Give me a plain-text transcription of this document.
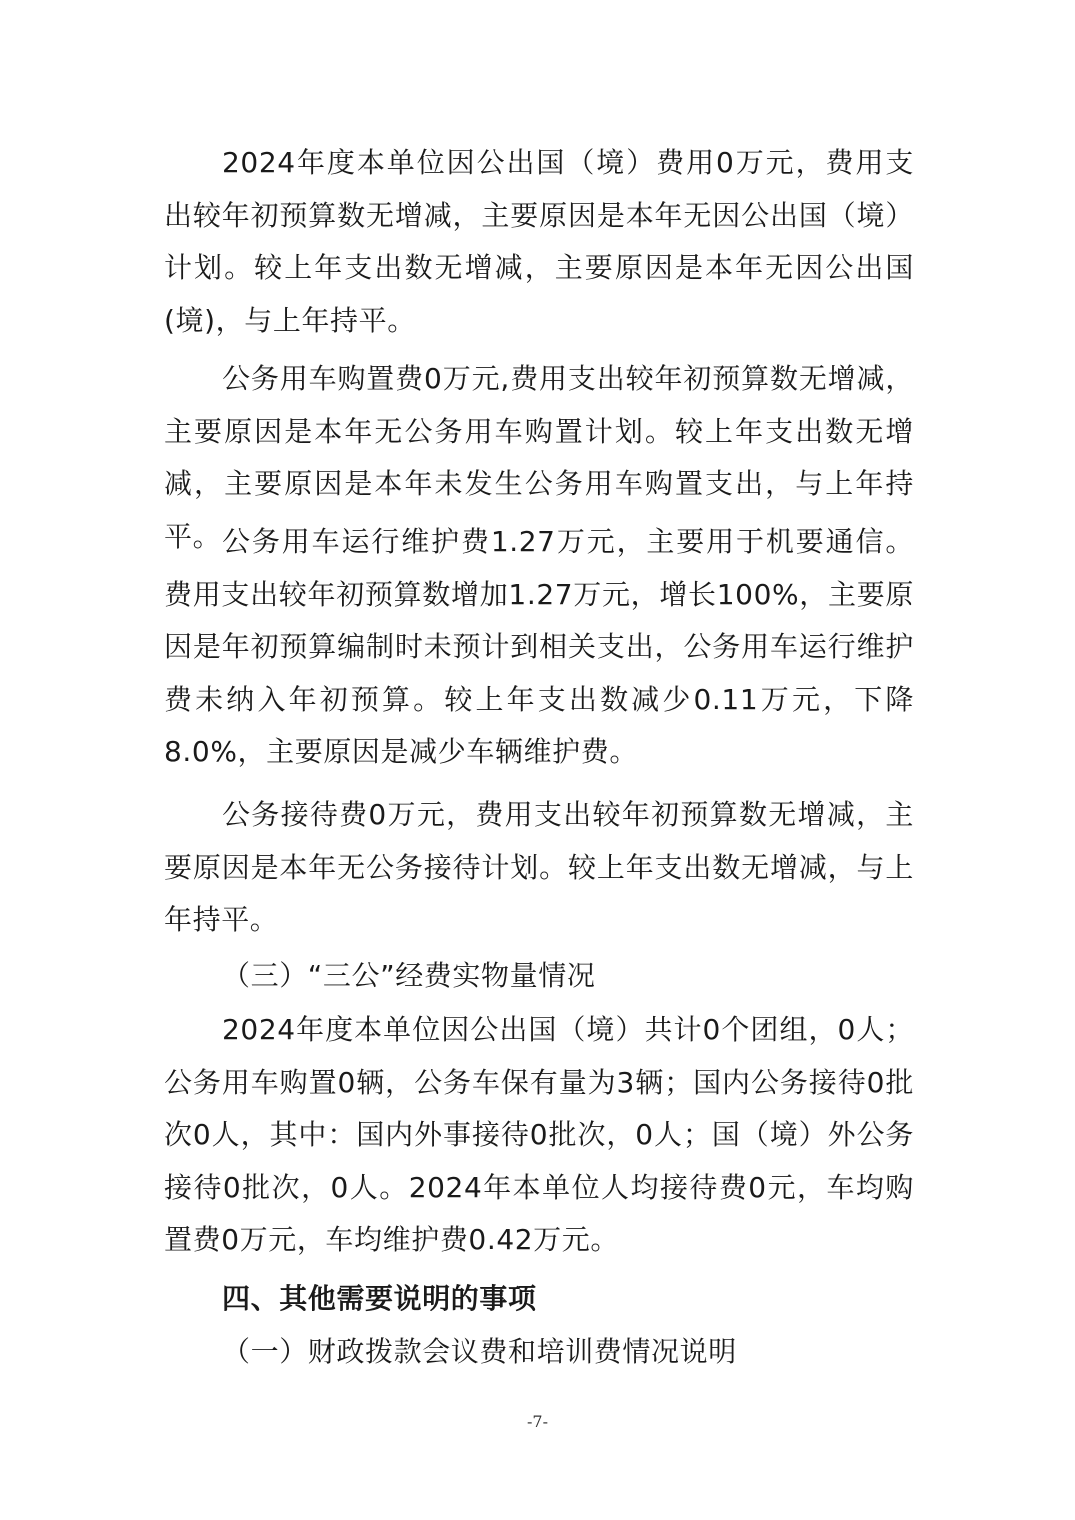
2024年度本单位因公出国（境）费用0万元，费用支出较年初预算数无增减，主要原因是本年无因公出国（境）计划。较上年支出数无增减，主要原因是本年无因公出国(境)，与上年持平。

公务用车购置费0万元,费用支出较年初预算数无增减，主要原因是本年无公务用车购置计划。较上年支出数无增减，主要原因是本年未发生公务用车购置支出，与上年持平。 公务用车运行维护费1.27万元，主要用于机要通信。费用支出较年初预算数增加1.27万元，增长100%，主要原因是年初预算编制时未预计到相关支出，公务用车运行维护费未纳入年初预算。较上年支出数减少0.11万元，下降8.0%，主要原因是减少车辆维护费。

公务接待费0万元，费用支出较年初预算数无增减，主要原因是本年无公务接待计划。较上年支出数无增减，与上年持平。

（三）“三公”经费实物量情况

2024年度本单位因公出国（境）共计0个团组，0人；公务用车购置0辆，公务车保有量为3辆；国内公务接待0批次0人，其中：国内外事接待0批次，0人；国（境）外公务接待0批次，0人。2024年本单位人均接待费0元，车均购置费0万元，车均维护费0.42万元。

四、其他需要说明的事项

（一）财政拨款会议费和培训费情况说明

-7-
